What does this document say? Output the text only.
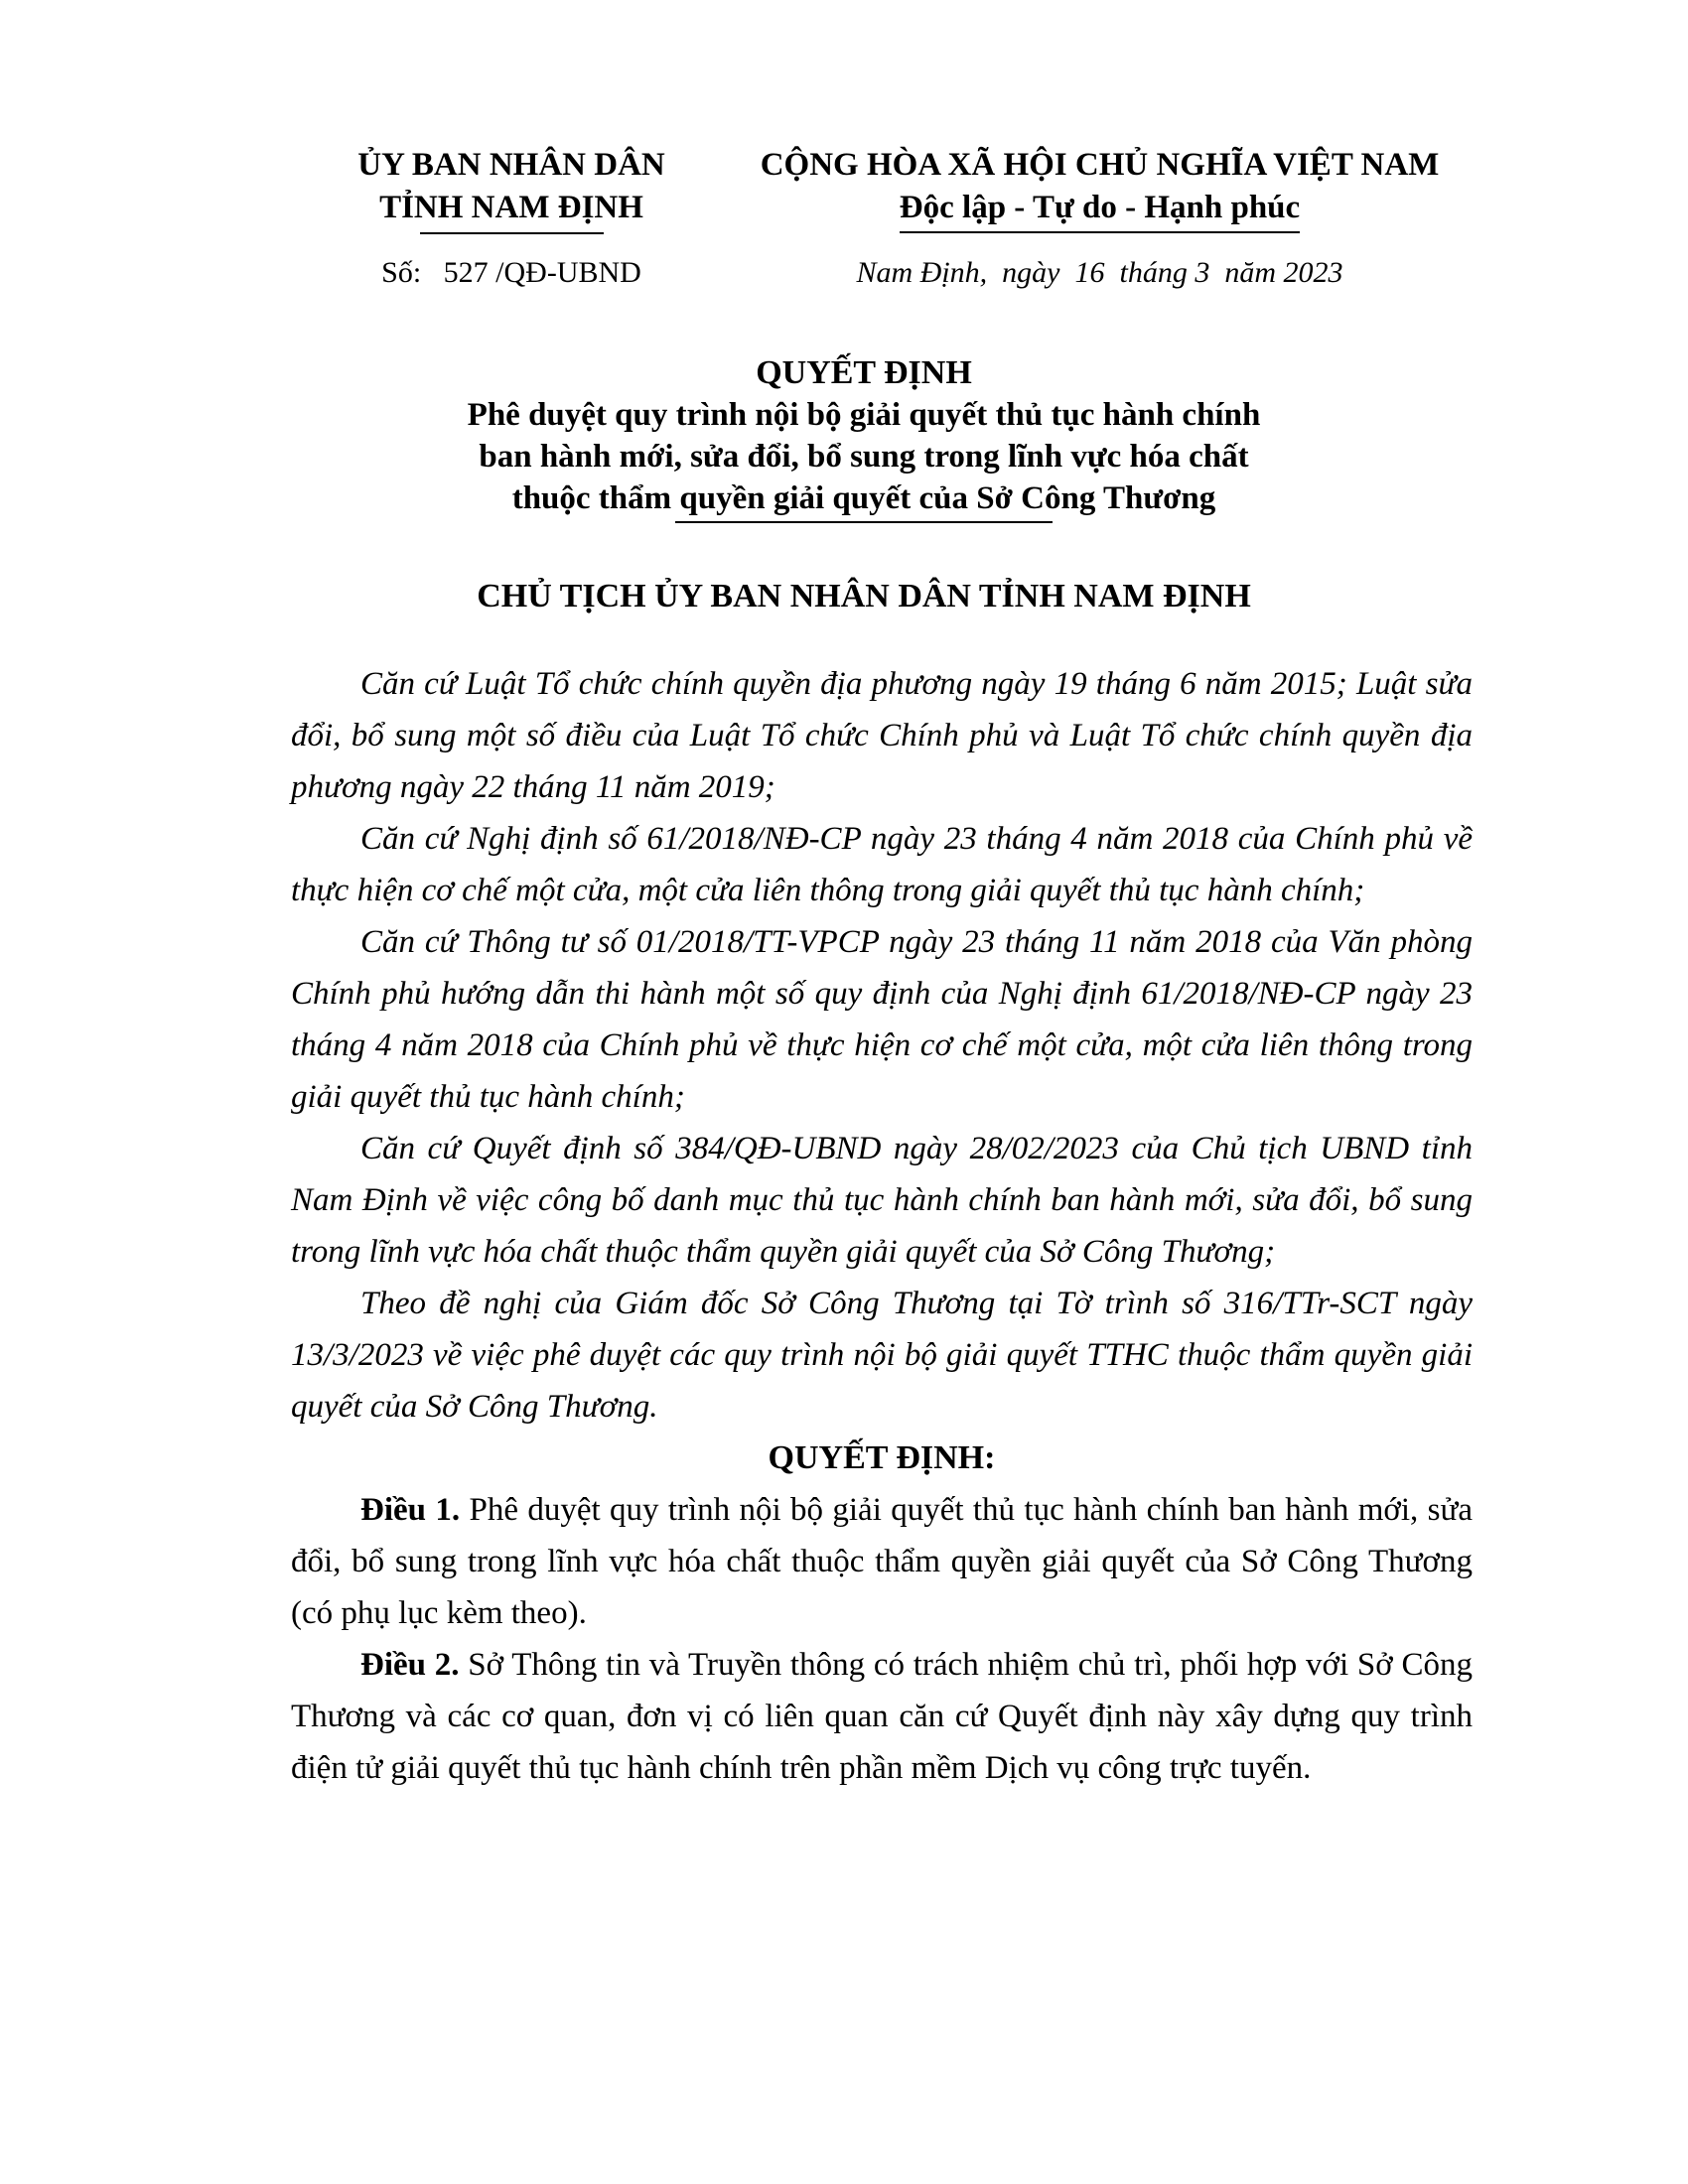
ỦY BAN NHÂN DÂN
TỈNH NAM ĐỊNH
CỘNG HÒA XÃ HỘI CHỦ NGHĨA VIỆT NAM
Độc lập - Tự do - Hạnh phúc
Số:   527 /QĐ-UBND	Nam Định,  ngày  16  tháng 3  năm 2023
QUYẾT ĐỊNH
Phê duyệt quy trình nội bộ giải quyết thủ tục hành chính
ban hành mới, sửa đổi, bổ sung trong lĩnh vực hóa chất
thuộc thẩm quyền giải quyết của Sở Công Thương
CHỦ TỊCH ỦY BAN NHÂN DÂN TỈNH NAM ĐỊNH

Căn cứ Luật Tổ chức chính quyền địa phương ngày 19 tháng 6 năm 2015; Luật sửa đổi, bổ sung một số điều của Luật Tổ chức Chính phủ và Luật Tổ chức chính quyền địa phương ngày 22 tháng 11 năm 2019;

Căn cứ Nghị định số 61/2018/NĐ-CP ngày 23 tháng 4 năm 2018 của Chính phủ về thực hiện cơ chế một cửa, một cửa liên thông trong giải quyết thủ tục hành chính;

Căn cứ Thông tư số 01/2018/TT-VPCP ngày 23 tháng 11 năm 2018 của Văn phòng Chính phủ hướng dẫn thi hành một số quy định của Nghị định 61/2018/NĐ-CP ngày 23 tháng 4 năm 2018 của Chính phủ về thực hiện cơ chế một cửa, một cửa liên thông trong giải quyết thủ tục hành chính;

Căn cứ Quyết định số 384/QĐ-UBND ngày 28/02/2023 của Chủ tịch UBND tỉnh Nam Định về việc công bố danh mục thủ tục hành chính ban hành mới, sửa đổi, bổ sung trong lĩnh vực hóa chất thuộc thẩm quyền giải quyết của Sở Công Thương;

Theo đề nghị của Giám đốc Sở Công Thương tại Tờ trình số 316/TTr-SCT ngày 13/3/2023 về việc phê duyệt các quy trình nội bộ giải quyết TTHC thuộc thẩm quyền giải quyết của Sở Công Thương.

QUYẾT ĐỊNH:

Điều 1. Phê duyệt quy trình nội bộ giải quyết thủ tục hành chính ban hành mới, sửa đổi, bổ sung trong lĩnh vực hóa chất thuộc thẩm quyền giải quyết của Sở Công Thương (có phụ lục kèm theo).

Điều 2. Sở Thông tin và Truyền thông có trách nhiệm chủ trì, phối hợp với Sở Công Thương và các cơ quan, đơn vị có liên quan căn cứ Quyết định này xây dựng quy trình điện tử giải quyết thủ tục hành chính trên phần mềm Dịch vụ công trực tuyến.
